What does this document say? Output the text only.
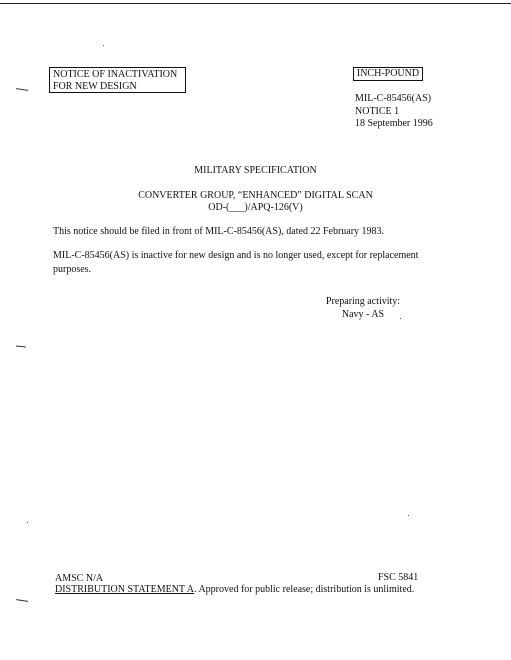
NOTICE OF INACTIVATION
FOR NEW DESIGN
INCH-POUND
MIL-C-85456(AS)
NOTICE 1
18 September 1996
MILITARY SPECIFICATION
CONVERTER GROUP, “ENHANCED” DIGITAL SCAN
OD-(___)/APQ-126(V)
This notice should be filed in front of MIL-C-85456(AS), dated 22 February 1983.
MIL-C-85456(AS) is inactive for new design and is no longer used, except for replacement
purposes.
Preparing activity:
Navy - AS
AMSC N/A	FSC 5841
DISTRIBUTION STATEMENT A. Approved for public release; distribution is unlimited.
